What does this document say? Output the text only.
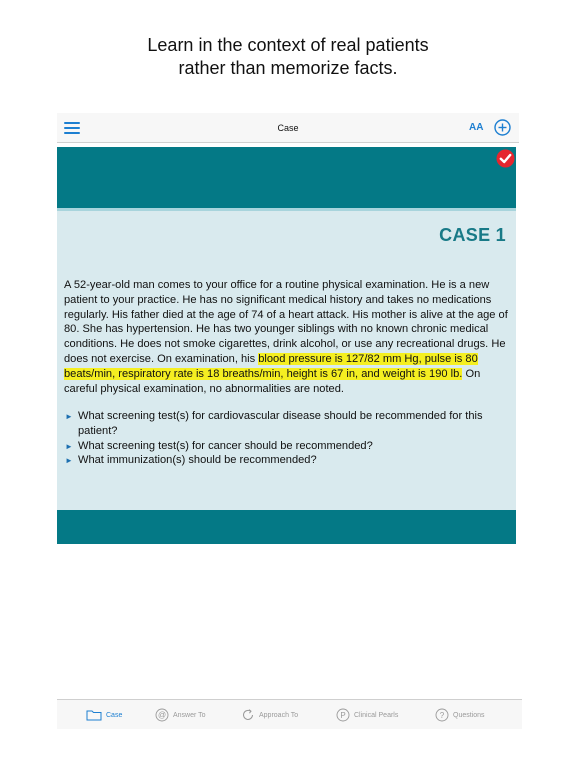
Learn in the context of real patients
rather than memorize facts.
Case	AA
CASE 1

A 52-year-old man comes to your office for a routine physical examination. He is a new patient to your practice. He has no significant medical history and takes no medications regularly. His father died at the age of 74 of a heart attack. His mother is alive at the age of 80. She has hypertension. He has two younger siblings with no known chronic medical conditions. He does not smoke cigarettes, drink alcohol, or use any recreational drugs. He does not exercise. On examination, his blood pressure is 127/82 mm Hg, pulse is 80 beats/min, respiratory rate is 18 breaths/min, height is 67 in, and weight is 190 lb. On careful physical examination, no abnormalities are noted.

► What screening test(s) for cardiovascular disease should be recommended for this patient?
► What screening test(s) for cancer should be recommended?
► What immunization(s) should be recommended?
Case	@ Answer To	Approach To	P Clinical Pearls	? Questions
